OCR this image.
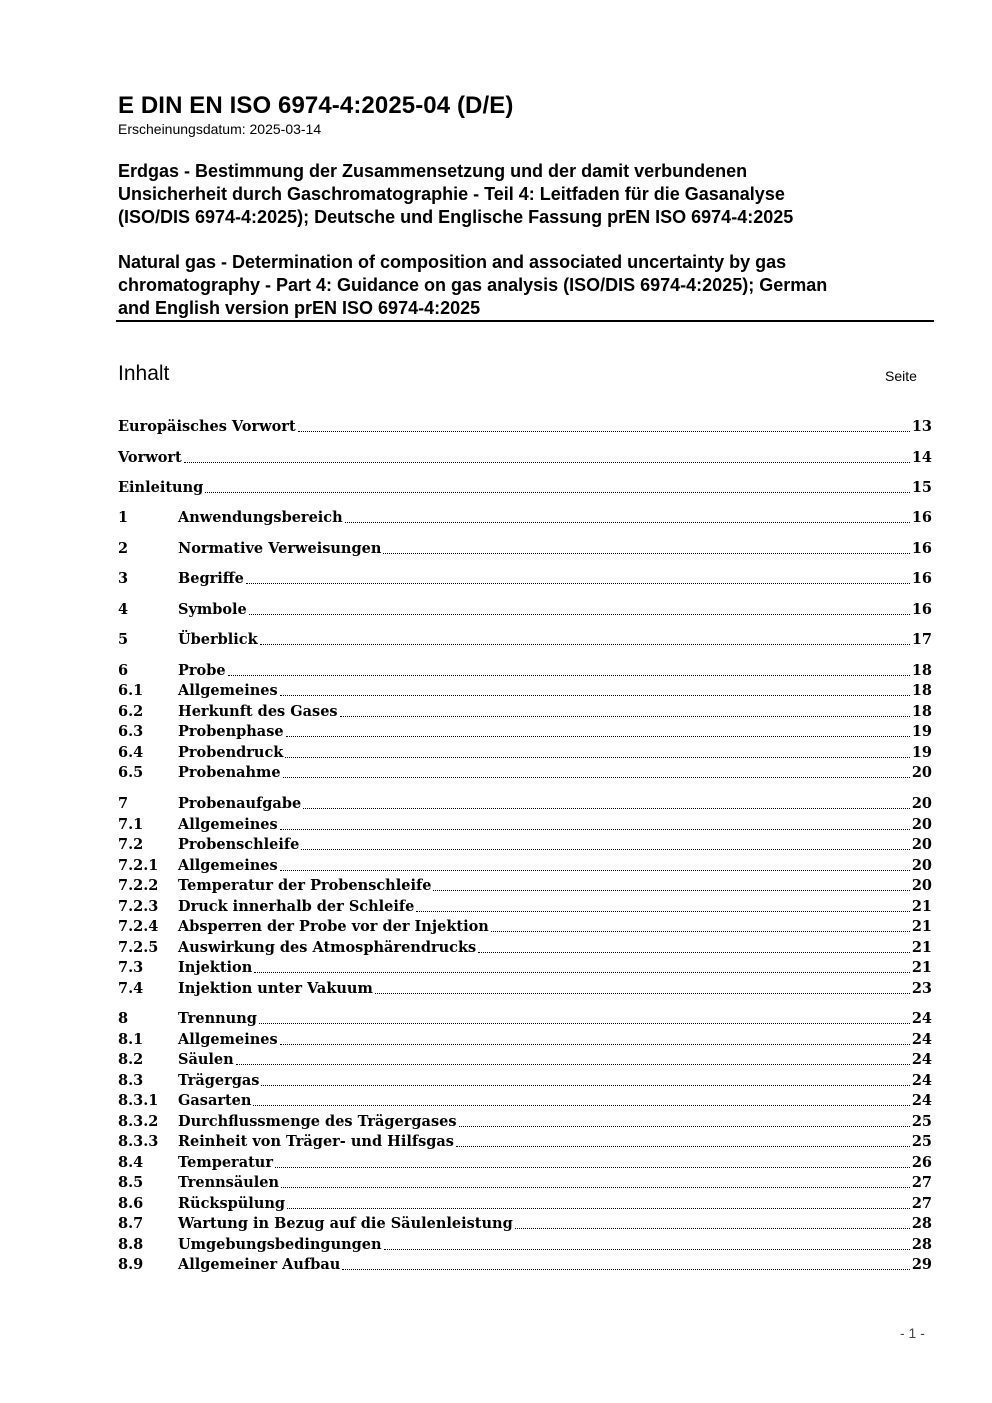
E DIN EN ISO 6974-4:2025-04 (D/E)
Erscheinungsdatum: 2025-03-14
Erdgas - Bestimmung der Zusammensetzung und der damit verbundenen
Unsicherheit durch Gaschromatographie - Teil 4: Leitfaden für die Gasanalyse
(ISO/DIS 6974-4:2025); Deutsche und Englische Fassung prEN ISO 6974-4:2025
Natural gas - Determination of composition and associated uncertainty by gas
chromatography - Part 4: Guidance on gas analysis (ISO/DIS 6974-4:2025); German
and English version prEN ISO 6974-4:2025
Inhalt	Seite
Europäisches Vorwort	13
Vorwort	14
Einleitung	15
1	Anwendungsbereich	16
2	Normative Verweisungen	16
3	Begriffe	16
4	Symbole	16
5	Überblick	17
6	Probe	18
6.1	Allgemeines	18
6.2	Herkunft des Gases	18
6.3	Probenphase	19
6.4	Probendruck	19
6.5	Probenahme	20
7	Probenaufgabe	20
7.1	Allgemeines	20
7.2	Probenschleife	20
7.2.1	Allgemeines	20
7.2.2	Temperatur der Probenschleife	20
7.2.3	Druck innerhalb der Schleife	21
7.2.4	Absperren der Probe vor der Injektion	21
7.2.5	Auswirkung des Atmosphärendrucks	21
7.3	Injektion	21
7.4	Injektion unter Vakuum	23
8	Trennung	24
8.1	Allgemeines	24
8.2	Säulen	24
8.3	Trägergas	24
8.3.1	Gasarten	24
8.3.2	Durchflussmenge des Trägergases	25
8.3.3	Reinheit von Träger- und Hilfsgas	25
8.4	Temperatur	26
8.5	Trennsäulen	27
8.6	Rückspülung	27
8.7	Wartung in Bezug auf die Säulenleistung	28
8.8	Umgebungsbedingungen	28
8.9	Allgemeiner Aufbau	29
- 1 -
